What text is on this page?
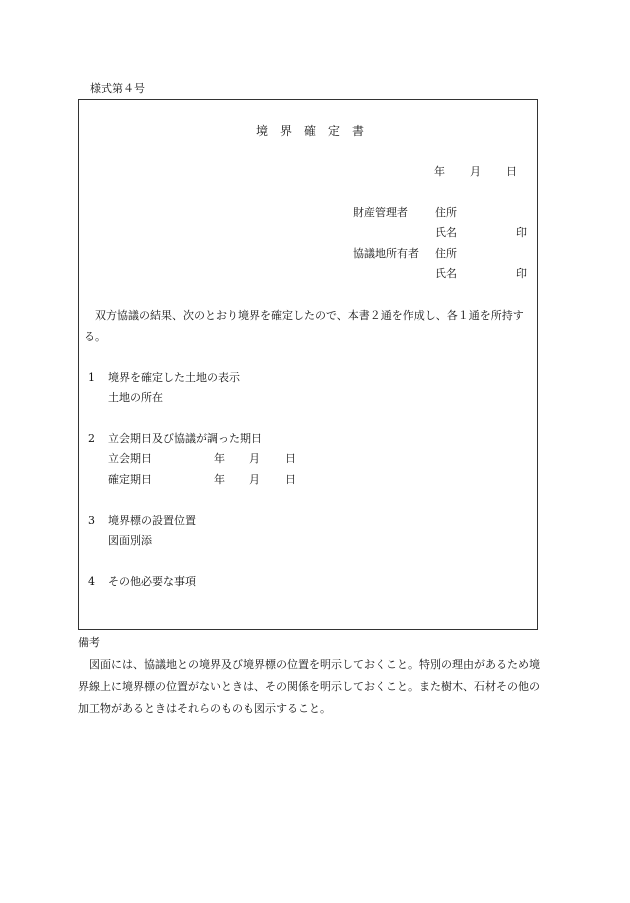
様式第４号
境界確定書
年 月 日
財産管理者 住所
氏名	印
協議地所有者 住所
氏名	印
双方協議の結果、次のとおり境界を確定したので、本書２通を作成し、各１通を所持する。
1 境界を確定した土地の表示
土地の所在
2 立会期日及び協議が調った期日
立会期日	年 月 日
確定期日	年 月 日
3 境界標の設置位置
図面別添
4 その他必要な事項
備考
図面には、協議地との境界及び境界標の位置を明示しておくこと。特別の理由があるため境界線上に境界標の位置がないときは、その関係を明示しておくこと。また樹木、石材その他の加工物があるときはそれらのものも図示すること。
